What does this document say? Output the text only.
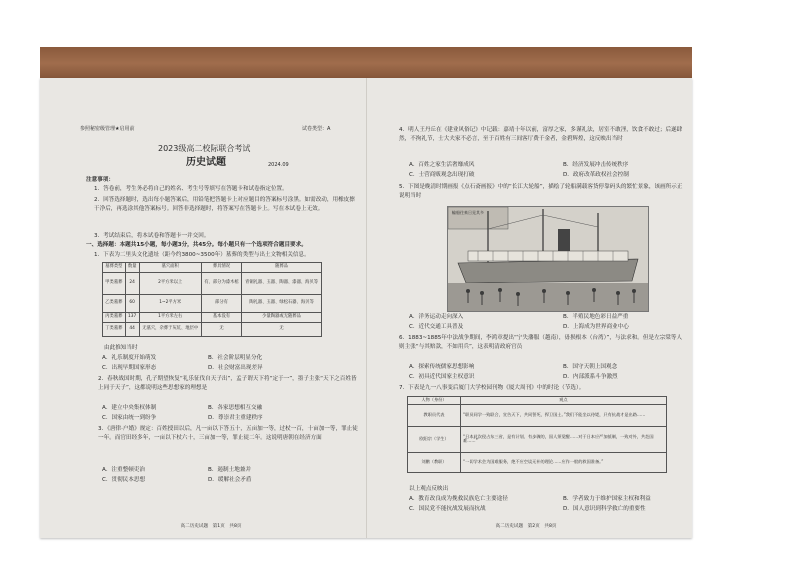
参照秘密级管理★启用前	试卷类型：A
2023级高二校际联合考试
历史试题	2024.09
注意事项：
1．答卷前，考生务必将自己的姓名、考生号等填写在答题卡和试卷指定位置。
2．回答选择题时，选出每小题答案后，用铅笔把答题卡上对应题目的答案标号涂黑。如需改动，用橡皮擦干净后，再选涂其他答案标号。回答非选择题时，将答案写在答题卡上。写在本试卷上无效。
3．考试结束后，将本试卷和答题卡一并交回。
一、选择题：本题共15小题，每小题3分，共45分。每小题只有一个选项符合题目要求。
1．下表为二里头文化遗址（距今约3800~3500年）墓葬的类型与出土文物相关信息。
墓葬类型	数量	墓穴面积	葬具情况	随葬品
甲类墓葬	24	2平方米以上	有、部分为漆木棺	青铜礼器、玉器、陶器、漆器、海贝等
乙类墓葬	60	1~2平方米	部分有	陶礼器、玉器、绿松石器、海贝等
丙类墓葬	137	1平方米左右	基本没有	少量陶器或无随葬品
丁类墓葬	44	无墓穴，杂葬于灰坑、地层中	无	无
由此推知当时
A．礼乐制度开始萌发	B．社会阶层明显分化
C．出现早期国家形态	D．社会财富出现差异
2．春秋战国时期，孔子期望恢复“礼乐征伐自天子出”，孟子谓天下将“定于一”，墨子主张“天下之百姓皆上同于天子”，这都说明这些思想家的理想是
A．建立中央集权体制	B．各家思想相互交融
C．国家由统一到纷争	D．尊崇君主重建秩序
3．《唐律·户婚》规定：百姓授田以后，凡一亩以下答五十，五亩加一等，过杖一百，十亩加一等，罪止徒一年。而官田经多年，一亩以下杖六十，三亩加一等，罪止徒二年。这说明唐朝在经济方面
A．注重整顿吏治	B．遏制土地兼并
C．贯彻民本思想	D．缓解社会矛盾
高二历史试题　第1页　共8页
4．明人王丹丘在《建业风俗记》中记载：嘉靖十年以前，富厚之家，多谨礼法，居室不敢淫，饮食不敢过；后遂肆然，不拘礼节，士大夫家不必言，至于百姓有三间客厅费千金者，金碧辉煌，这反映出当时
A．百姓之家生活奢靡成风	B．经济发展冲击传统秩序
C．士营商贩观念出现打破	D．政府改革政权社会控制
5．下图是晚清时期画报《点石斋画报》中的“长江大轮船”，描绘了轮船满载客货停靠码头的繁忙景象，该画所示正说明当时
輪船往來日見其多
A．洋务运动走向深入	B．半殖民地色彩日益严重
C．近代交通工具普及	D．上海成为世界商业中心
6．1883~1885年中法战争期间，李鸿章提出“宁失藩服（越南），毋损根本（台湾）”，与法求和。但是左宗棠等人则主张“与其赔款，不如用兵”，这表明清政府官员
A．探索传统儒家思想影响	B．国守天朝上国观念
C．初具近代国家主权意识	D．内部派系斗争激烈
7．下表是九一八事变后厦门大学校园刊物《厦大周刊》中的时论（节选）。
人物（身份）	观点
教职员代表	“职员同学一致联合，宣告天下，共同誓死，捍卫国土。”我们不能坐以待毙，只有抗战才是出路……
欧阳宗（学生）	“日本此次侵占东三省，是有计划、有步骤的，国人须觉醒……对于日本应严加抵制，一致对外，共赴国难……”
刘鹏（教职）	“一切学术会为国难服务，绝不应空谈无补的理论……应作一般的救国准备。”
以上观点反映出
A．教育改良成为挽救民族危亡主要途径	B．学者致力于维护国家主权和利益
C．国民党不能抗战发展而抗战	D．国人意识到科学救亡的重要性
高二历史试题　第2页　共8页
